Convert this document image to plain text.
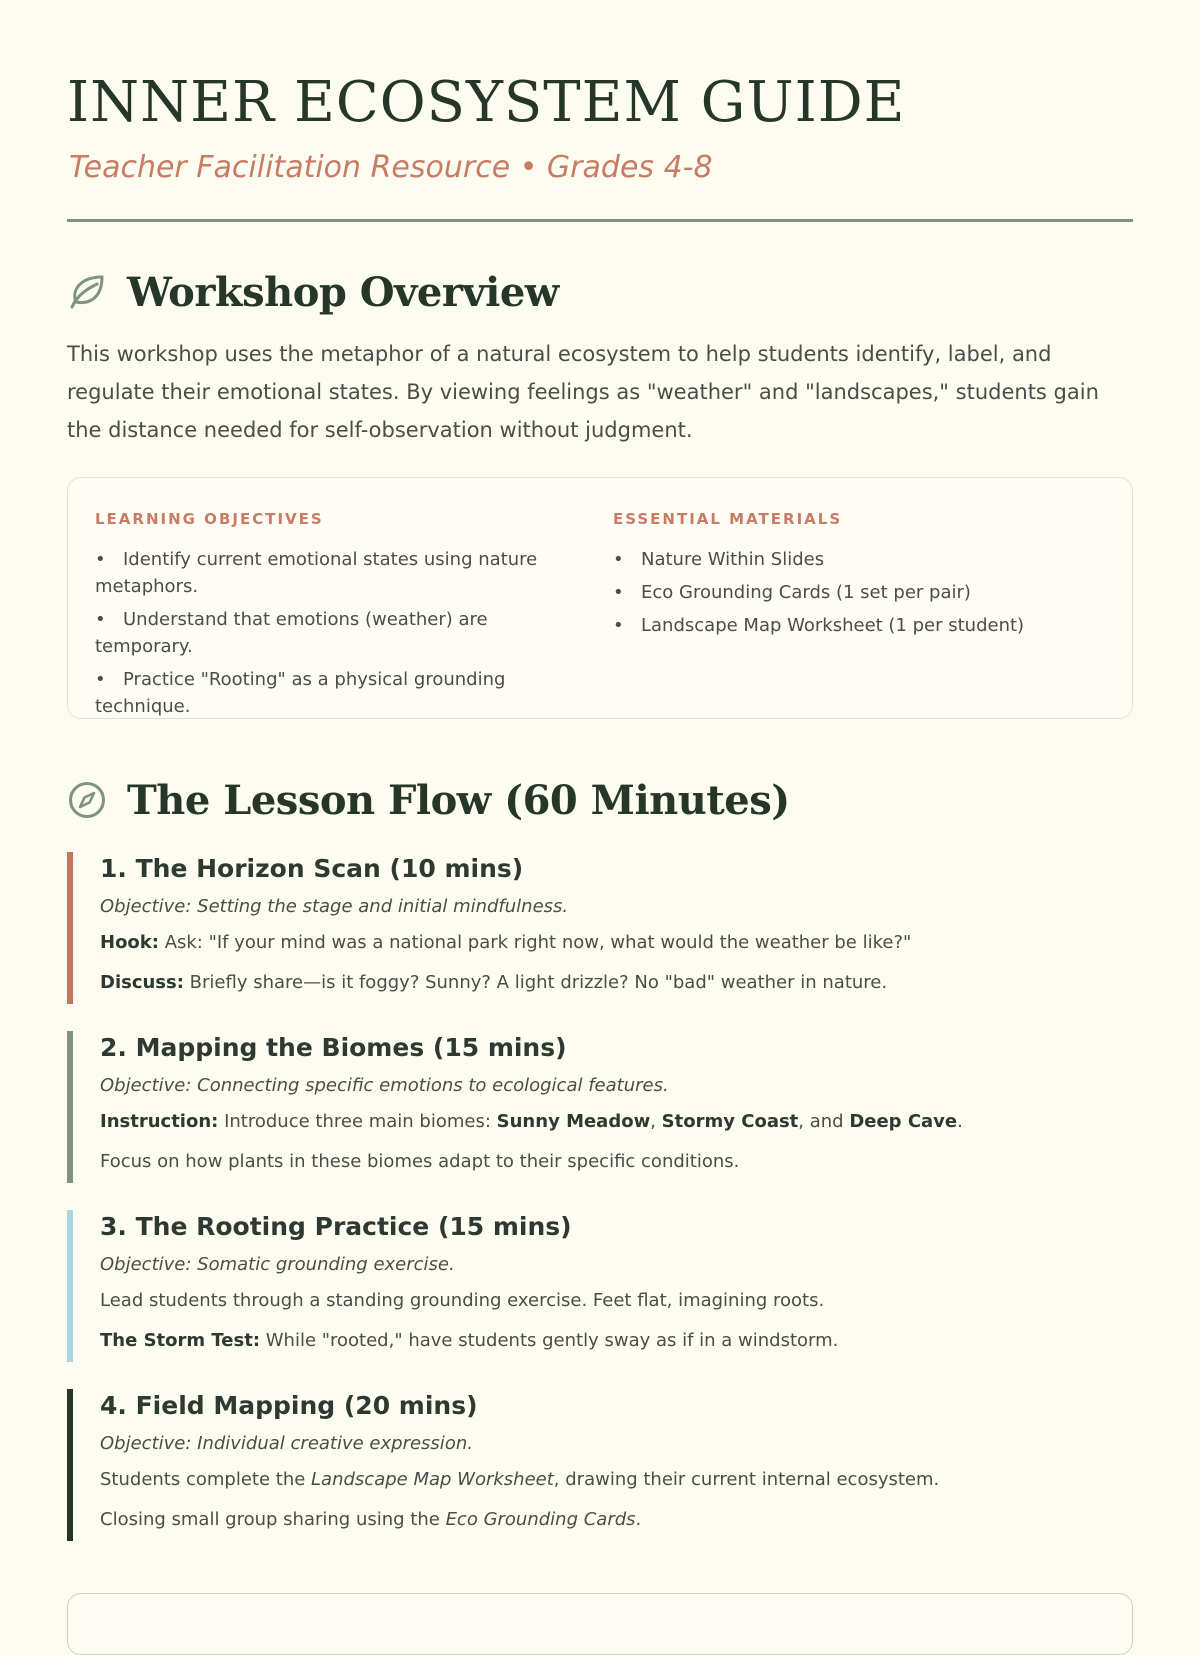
INNER ECOSYSTEM GUIDE
Teacher Facilitation Resource • Grades 4-8
Workshop Overview

This workshop uses the metaphor of a natural ecosystem to help students identify, label, and regulate their emotional states. By viewing feelings as "weather" and "landscapes," students gain the distance needed for self-observation without judgment.

LEARNING OBJECTIVES
• Identify current emotional states using nature metaphors.
• Understand that emotions (weather) are temporary.
• Practice "Rooting" as a physical grounding technique.
ESSENTIAL MATERIALS
• Nature Within Slides
• Eco Grounding Cards (1 set per pair)
• Landscape Map Worksheet (1 per student)
The Lesson Flow (60 Minutes)
1. The Horizon Scan (10 mins)

Objective: Setting the stage and initial mindfulness.

Hook: Ask: "If your mind was a national park right now, what would the weather be like?"

Discuss: Briefly share—is it foggy? Sunny? A light drizzle? No "bad" weather in nature.

2. Mapping the Biomes (15 mins)

Objective: Connecting specific emotions to ecological features.

Instruction: Introduce three main biomes: Sunny Meadow, Stormy Coast, and Deep Cave.

Focus on how plants in these biomes adapt to their specific conditions.

3. The Rooting Practice (15 mins)

Objective: Somatic grounding exercise.

Lead students through a standing grounding exercise. Feet flat, imagining roots.

The Storm Test: While "rooted," have students gently sway as if in a windstorm.

4. Field Mapping (20 mins)

Objective: Individual creative expression.

Students complete the Landscape Map Worksheet, drawing their current internal ecosystem.

Closing small group sharing using the Eco Grounding Cards.
